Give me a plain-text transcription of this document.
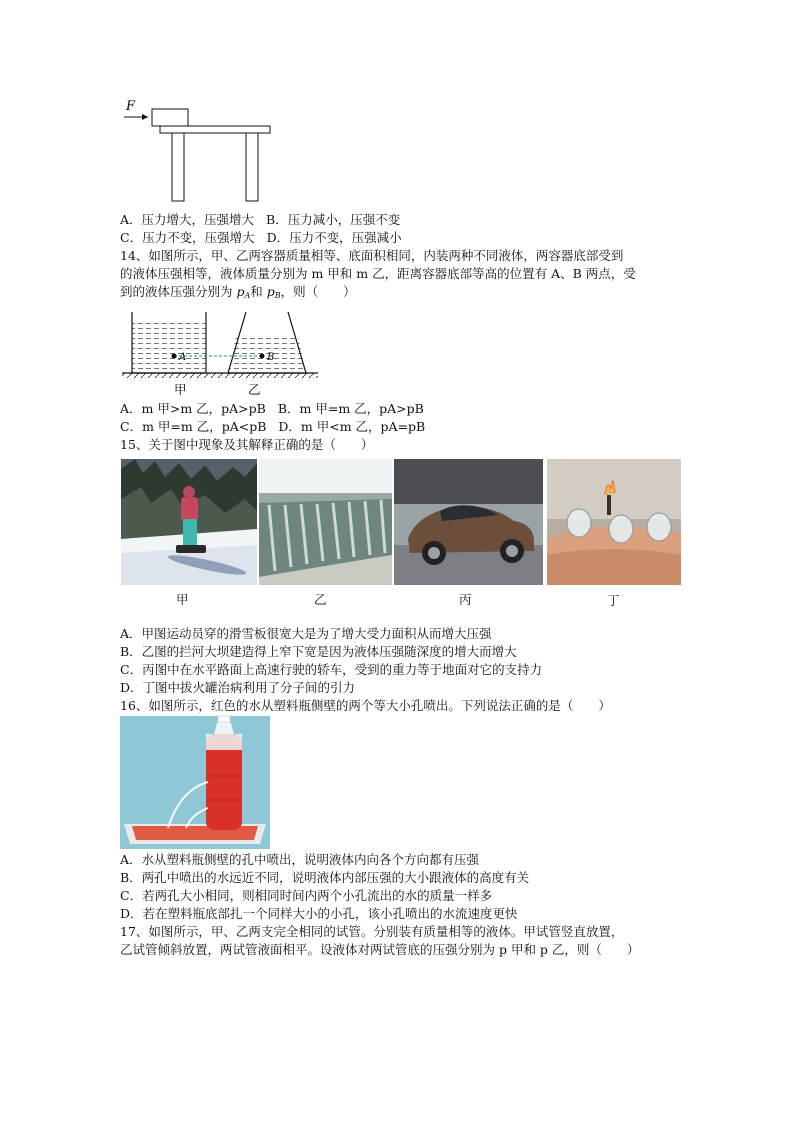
F
A．压力增大，压强增大 B．压力减小，压强不变
C．压力不变，压强增大 D．压力不变，压强减小
14、如图所示，甲、乙两容器质量相等、底面积相同，内装两种不同液体，两容器底部受到
的液体压强相等，液体质量分别为 m 甲和 m 乙，距离容器底部等高的位置有 A、B 两点，受
到的液体压强分别为 $p_A$和 $p_B$，则（　　）
A	B
甲	乙
A．m 甲>m 乙，pA>pB B．m 甲=m 乙，pA>pB
C．m 甲=m 乙，pA<pB D．m 甲<m 乙，pA=pB
15、关于图中现象及其解释正确的是（　　）
甲	乙	丙	丁
A．甲图运动员穿的滑雪板很宽大是为了增大受力面积从而增大压强
B．乙图的拦河大坝建造得上窄下宽是因为液体压强随深度的增大而增大
C．丙图中在水平路面上高速行驶的轿车，受到的重力等于地面对它的支持力
D．丁图中拔火罐治病利用了分子间的引力
16、如图所示，红色的水从塑料瓶侧壁的两个等大小孔喷出。下列说法正确的是（　　）
A．水从塑料瓶侧壁的孔中喷出，说明液体内向各个方向都有压强
B．两孔中喷出的水远近不同，说明液体内部压强的大小跟液体的高度有关
C．若两孔大小相同，则相同时间内两个小孔流出的水的质量一样多
D．若在塑料瓶底部扎一个同样大小的小孔，该小孔喷出的水流速度更快
17、如图所示，甲、乙两支完全相同的试管。分别装有质量相等的液体。甲试管竖直放置，
乙试管倾斜放置，两试管液面相平。设液体对两试管底的压强分别为 p 甲和 p 乙，则（　　）
